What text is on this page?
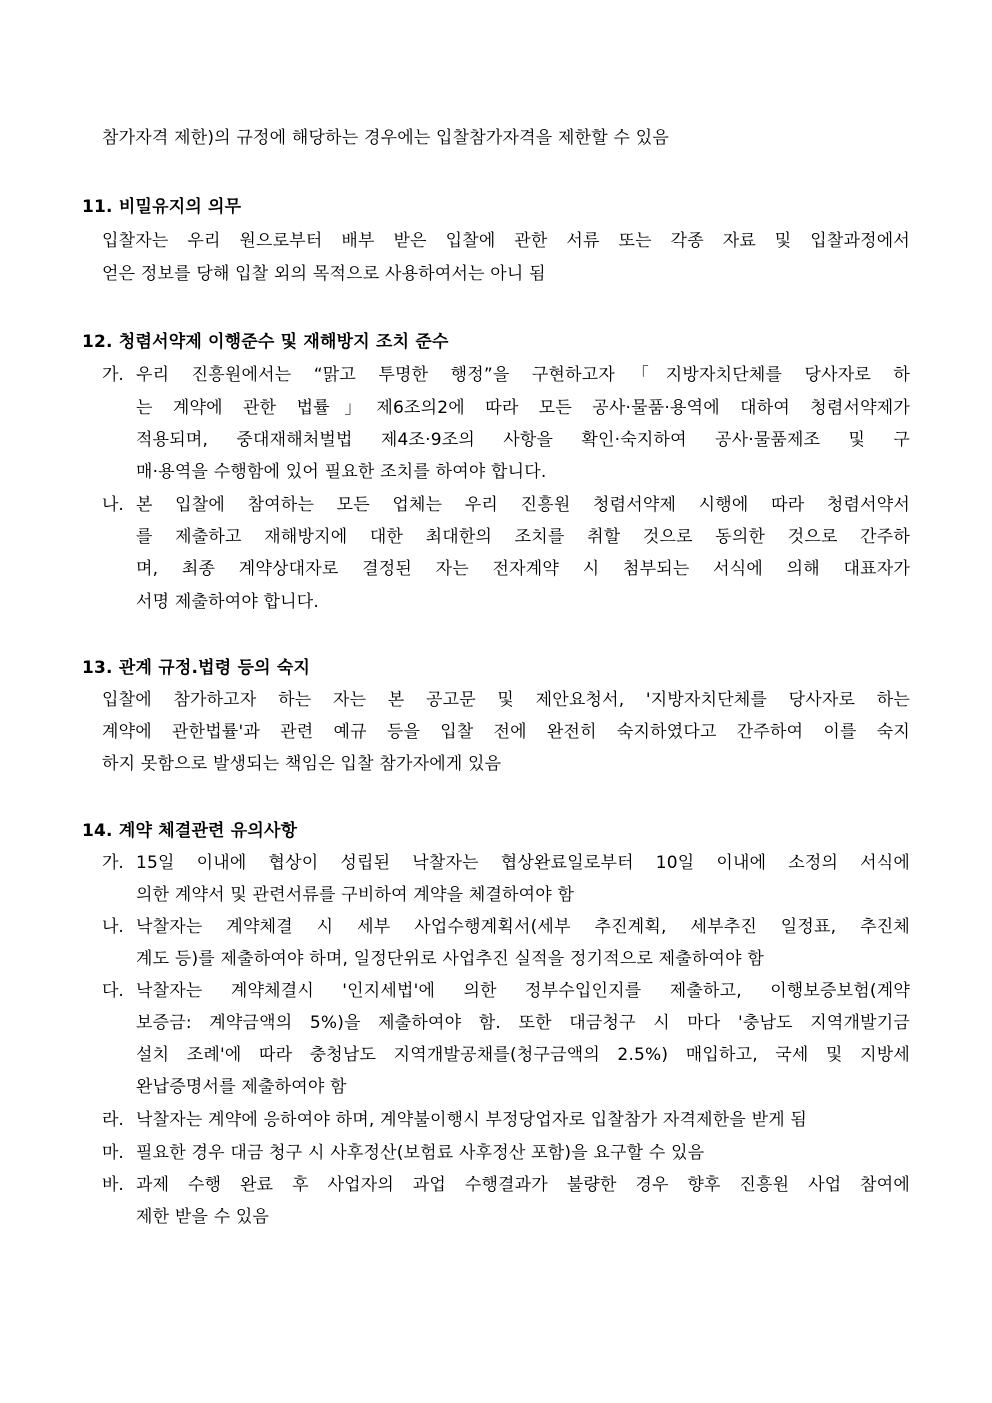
참가자격 제한)의 규정에 해당하는 경우에는 입찰참가자격을 제한할 수 있음
11. 비밀유지의 의무
입찰자는 우리 원으로부터 배부 받은 입찰에 관한 서류 또는 각종 자료 및 입찰과정에서
얻은 정보를 당해 입찰 외의 목적으로 사용하여서는 아니 됨
12. 청렴서약제 이행준수 및 재해방지 조치 준수
가. 우리 진흥원에서는 “맑고 투명한 행정”을 구현하고자「지방자치단체를 당사자로 하
는 계약에 관한 법률」제6조의2에 따라 모든 공사·물품·용역에 대하여 청렴서약제가
적용되며, 중대재해처벌법 제4조·9조의 사항을 확인·숙지하여 공사·물품제조 및 구
매·용역을 수행함에 있어 필요한 조치를 하여야 합니다.
나. 본 입찰에 참여하는 모든 업체는 우리 진흥원 청렴서약제 시행에 따라 청렴서약서
를 제출하고 재해방지에 대한 최대한의 조치를 취할 것으로 동의한 것으로 간주하
며, 최종 계약상대자로 결정된 자는 전자계약 시 첨부되는 서식에 의해 대표자가
서명 제출하여야 합니다.
13. 관계 규정.법령 등의 숙지
입찰에 참가하고자 하는 자는 본 공고문 및 제안요청서, '지방자치단체를 당사자로 하는
계약에 관한법률'과 관련 예규 등을 입찰 전에 완전히 숙지하였다고 간주하여 이를 숙지
하지 못함으로 발생되는 책임은 입찰 참가자에게 있음
14. 계약 체결관련 유의사항
가. 15일 이내에 협상이 성립된 낙찰자는 협상완료일로부터 10일 이내에 소정의 서식에
의한 계약서 및 관련서류를 구비하여 계약을 체결하여야 함
나. 낙찰자는 계약체결 시 세부 사업수행계획서(세부 추진계획, 세부추진 일정표, 추진체
계도 등)를 제출하여야 하며, 일정단위로 사업추진 실적을 정기적으로 제출하여야 함
다. 낙찰자는 계약체결시 '인지세법'에 의한 정부수입인지를 제출하고, 이행보증보험(계약
보증금: 계약금액의 5%)을 제출하여야 함. 또한 대금청구 시 마다 '충남도 지역개발기금
설치 조례'에 따라 충청남도 지역개발공채를(청구금액의 2.5%) 매입하고, 국세 및 지방세
완납증명서를 제출하여야 함
라. 낙찰자는 계약에 응하여야 하며, 계약불이행시 부정당업자로 입찰참가 자격제한을 받게 됨
마. 필요한 경우 대금 청구 시 사후정산(보험료 사후정산 포함)을 요구할 수 있음
바. 과제 수행 완료 후 사업자의 과업 수행결과가 불량한 경우 향후 진흥원 사업 참여에
제한 받을 수 있음
